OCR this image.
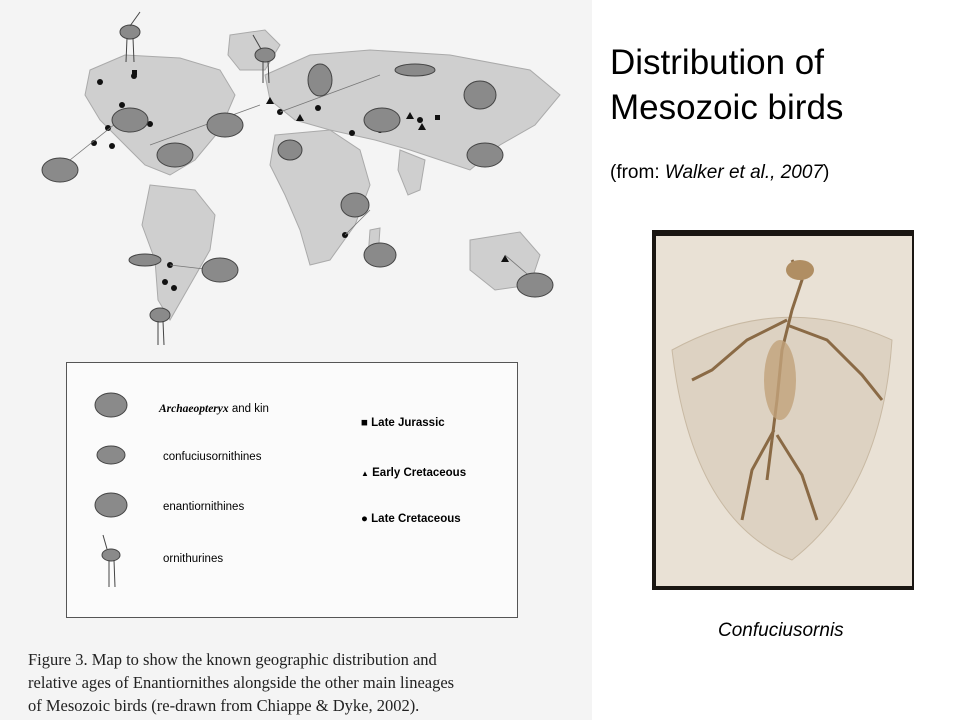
Archaeopteryx and kin
confuciusornithines
enantiornithines
ornithurines
■ Late Jurassic
▲ Early Cretaceous
● Late Cretaceous
Figure 3. Map to show the known geographic distribution and
relative ages of Enantiornithes alongside the other main lineages
of Mesozoic birds (re-drawn from Chiappe & Dyke, 2002).
Distribution of
Mesozoic birds
(from: Walker et al., 2007)
Confuciusornis
